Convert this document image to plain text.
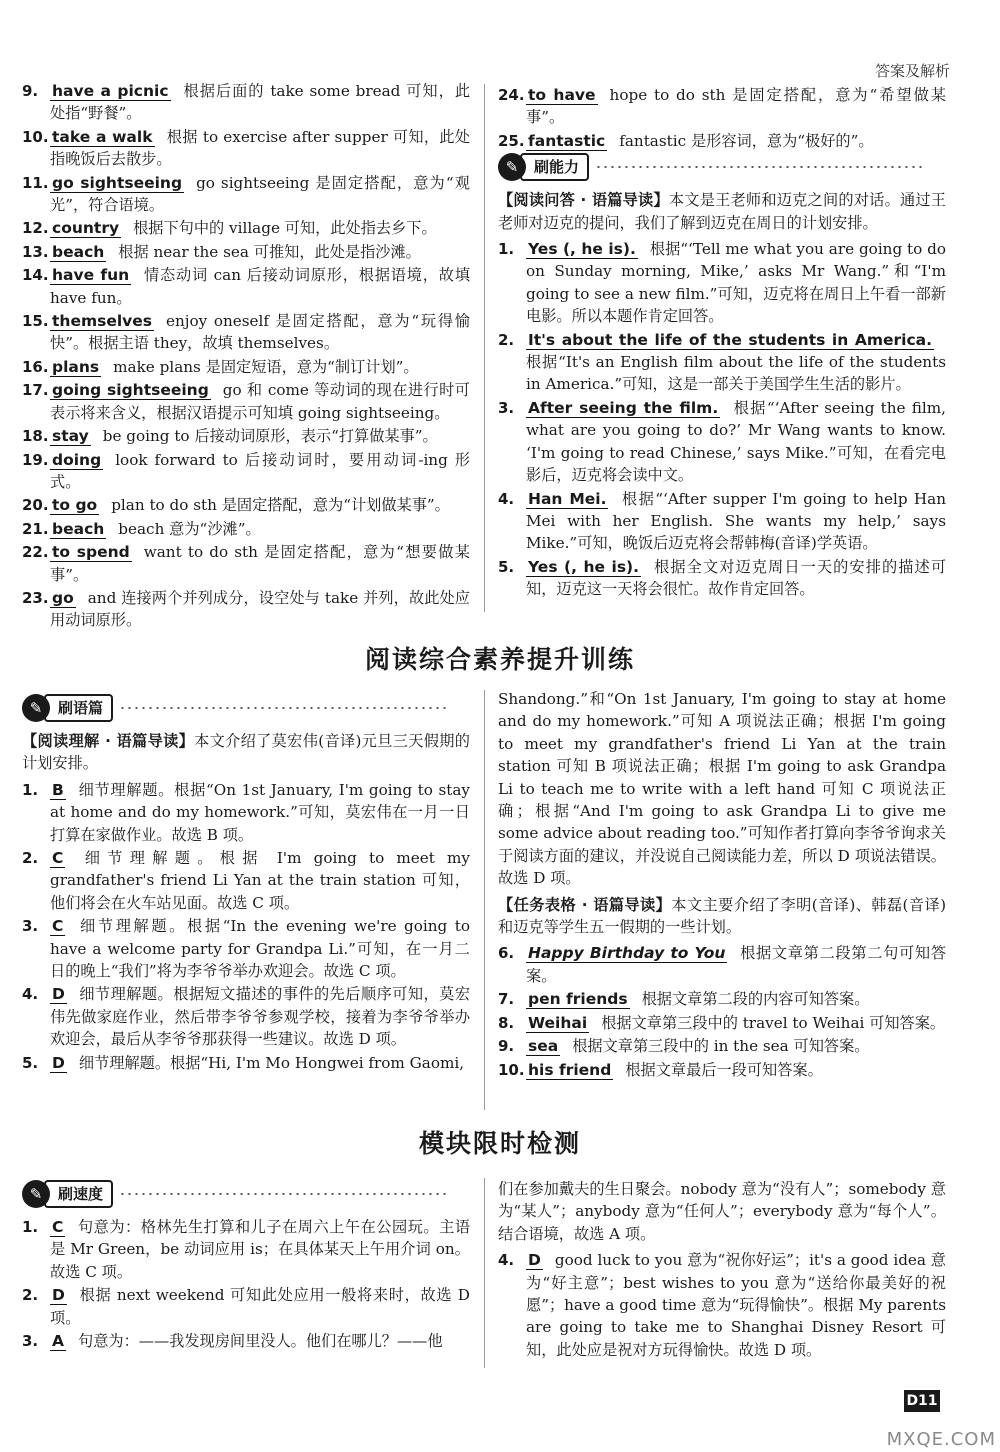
答案及解析
9. have a picnic 根据后面的 take some bread 可知，此处指“野餐”。
10. take a walk 根据 to exercise after supper 可知，此处指晚饭后去散步。
11. go sightseeing go sightseeing 是固定搭配，意为“观光”，符合语境。
12. country 根据下句中的 village 可知，此处指去乡下。
13. beach 根据 near the sea 可推知，此处是指沙滩。
14. have fun 情态动词 can 后接动词原形，根据语境，故填 have fun。
15. themselves enjoy oneself 是固定搭配，意为“玩得愉快”。根据主语 they，故填 themselves。
16. plans make plans 是固定短语，意为“制订计划”。
17. going sightseeing go 和 come 等动词的现在进行时可表示将来含义，根据汉语提示可知填 going sightseeing。
18. stay be going to 后接动词原形，表示“打算做某事”。
19. doing look forward to 后接动词时，要用动词-ing 形式。
20. to go plan to do sth 是固定搭配，意为“计划做某事”。
21. beach beach 意为“沙滩”。
22. to spend want to do sth 是固定搭配，意为“想要做某事”。
23. go and 连接两个并列成分，设空处与 take 并列，故此处应用动词原形。
24. to have hope to do sth 是固定搭配，意为“希望做某事”。
25. fantastic fantastic 是形容词，意为“极好的”。
✎	刷能力

【阅读问答 · 语篇导读】本文是王老师和迈克之间的对话。通过王老师对迈克的提问，我们了解到迈克在周日的计划安排。

1. Yes (, he is). 根据“‘Tell me what you are going to do on Sunday morning, Mike,’ asks Mr Wang.”和“I'm going to see a new film.”可知，迈克将在周日上午看一部新电影。所以本题作肯定回答。
2. It's about the life of the students in America.根据“It's an English film about the life of the students in America.”可知，这是一部关于美国学生生活的影片。
3. After seeing the film. 根据“‘After seeing the film, what are you going to do?’ Mr Wang wants to know. ‘I'm going to read Chinese,’ says Mike.”可知，在看完电影后，迈克将会读中文。
4. Han Mei. 根据“‘After supper I'm going to help Han Mei with her English. She wants my help,’ says Mike.”可知，晚饭后迈克将会帮韩梅(音译)学英语。
5. Yes (, he is). 根据全文对迈克周日一天的安排的描述可知，迈克这一天将会很忙。故作肯定回答。
阅读综合素养提升训练
✎	刷语篇

【阅读理解 · 语篇导读】本文介绍了莫宏伟(音译)元旦三天假期的计划安排。

1. B 细节理解题。根据“On 1st January, I'm going to stay at home and do my homework.”可知，莫宏伟在一月一日打算在家做作业。故选 B 项。
2. C 细节理解题。根据 I'm going to meet my grandfather's friend Li Yan at the train station 可知，他们将会在火车站见面。故选 C 项。
3. C 细节理解题。根据“In the evening we're going to have a welcome party for Grandpa Li.”可知，在一月二日的晚上“我们”将为李爷爷举办欢迎会。故选 C 项。
4. D 细节理解题。根据短文描述的事件的先后顺序可知，莫宏伟先做家庭作业，然后带李爷爷参观学校，接着为李爷爷举办欢迎会，最后从李爷爷那获得一些建议。故选 D 项。
5. D 细节理解题。根据“Hi, I'm Mo Hongwei from Gaomi,

Shandong.”和“On 1st January, I'm going to stay at home and do my homework.”可知 A 项说法正确；根据 I'm going to meet my grandfather's friend Li Yan at the train station 可知 B 项说法正确；根据 I'm going to ask Grandpa Li to teach me to write with a left hand 可知 C 项说法正确；根据“And I'm going to ask Grandpa Li to give me some advice about reading too.”可知作者打算向李爷爷询求关于阅读方面的建议，并没说自己阅读能力差，所以 D 项说法错误。故选 D 项。

【任务表格 · 语篇导读】本文主要介绍了李明(音译)、韩磊(音译)和迈克等学生五一假期的一些计划。

6. Happy Birthday to You 根据文章第二段第二句可知答案。
7. pen friends 根据文章第二段的内容可知答案。
8. Weihai 根据文章第三段中的 travel to Weihai 可知答案。
9. sea 根据文章第三段中的 in the sea 可知答案。
10. his friend 根据文章最后一段可知答案。
模块限时检测
✎	刷速度
1. C 句意为：格林先生打算和儿子在周六上午在公园玩。主语是 Mr Green，be 动词应用 is；在具体某天上午用介词 on。故选 C 项。
2. D 根据 next weekend 可知此处应用一般将来时，故选 D 项。
3. A 句意为：——我发现房间里没人。他们在哪儿？——他

们在参加戴夫的生日聚会。nobody 意为“没有人”；somebody 意为“某人”；anybody 意为“任何人”；everybody 意为“每个人”。结合语境，故选 A 项。

4. D good luck to you 意为“祝你好运”；it's a good idea 意为“好主意”；best wishes to you 意为“送给你最美好的祝愿”；have a good time 意为“玩得愉快”。根据 My parents are going to take me to Shanghai Disney Resort 可知，此处应是祝对方玩得愉快。故选 D 项。
D11
MXQE.COM
